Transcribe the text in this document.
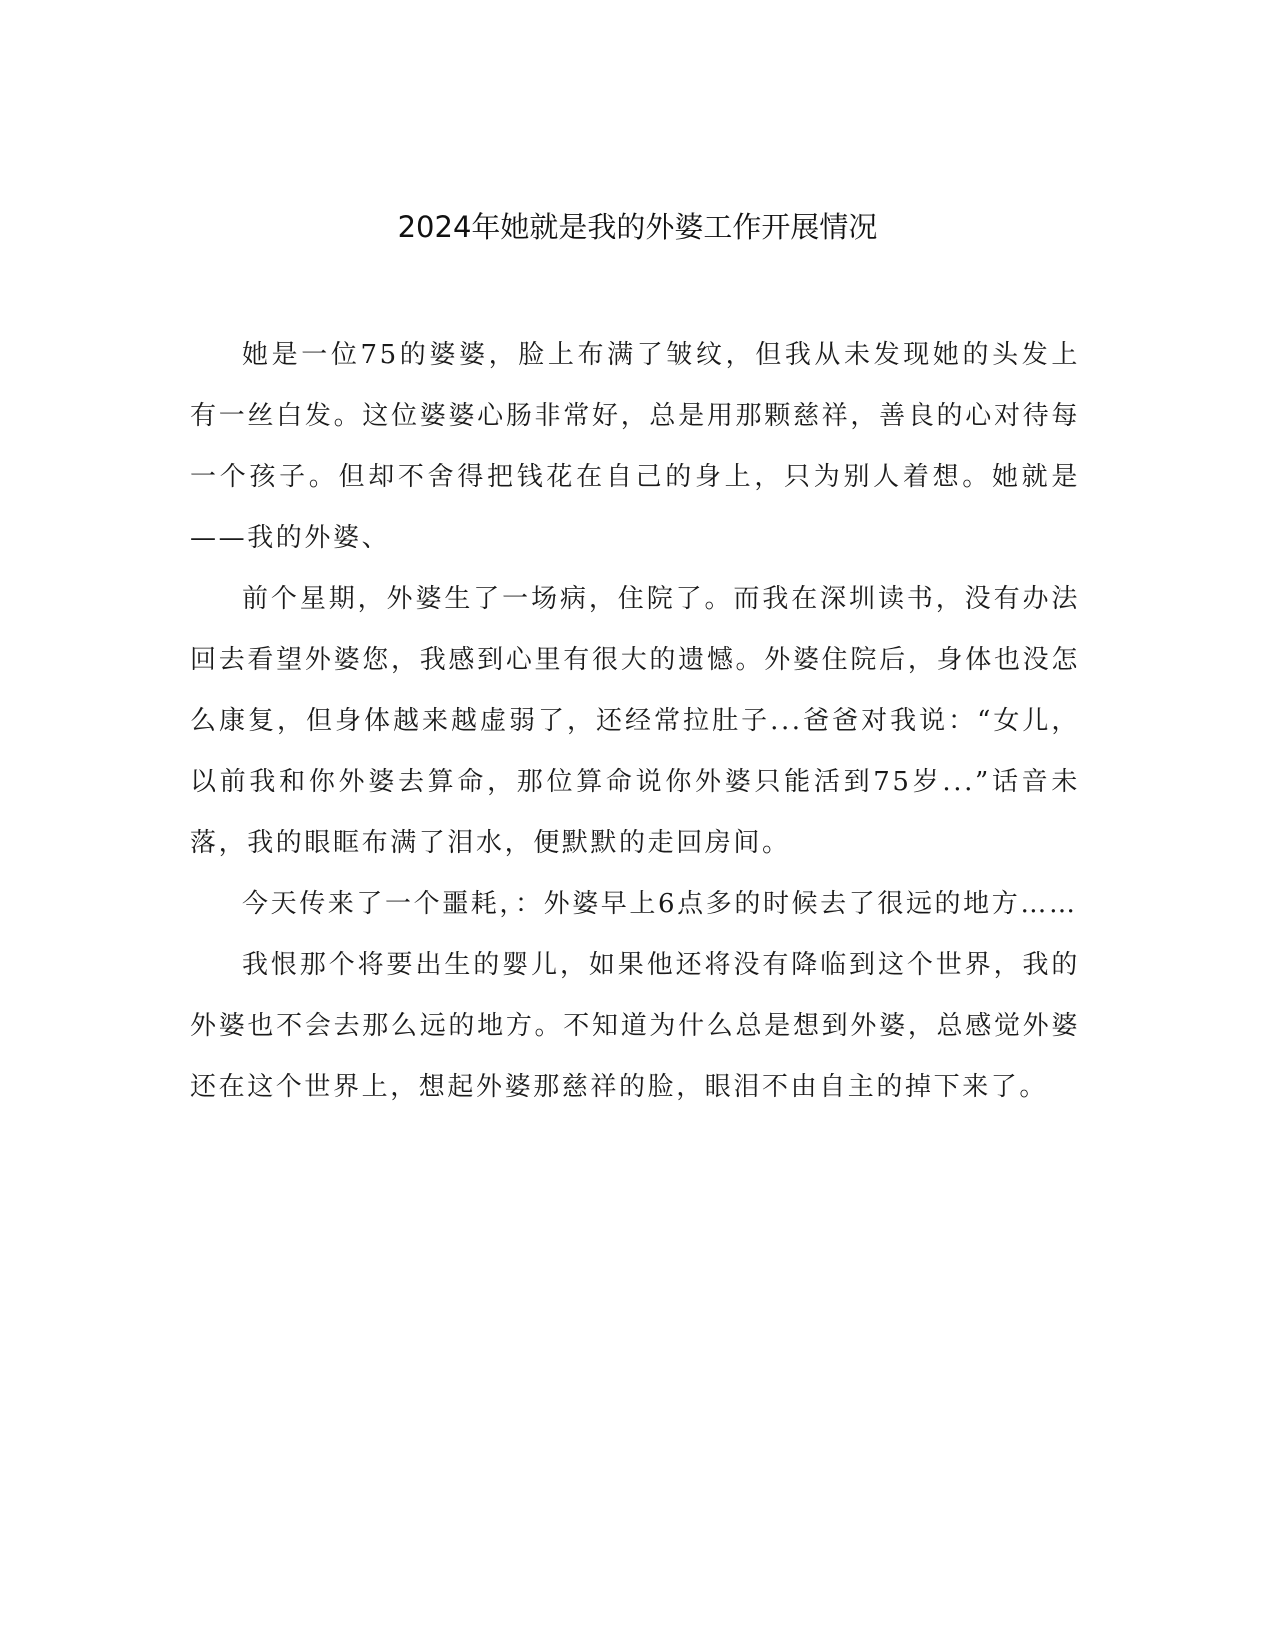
2024年她就是我的外婆工作开展情况

她是一位75的婆婆，脸上布满了皱纹，但我从未发现她的头发上有一丝白发。这位婆婆心肠非常好，总是用那颗慈祥，善良的心对待每一个孩子。但却不舍得把钱花在自己的身上，只为别人着想。她就是——我的外婆、

前个星期，外婆生了一场病，住院了。而我在深圳读书，没有办法回去看望外婆您，我感到心里有很大的遗憾。外婆住院后，身体也没怎么康复，但身体越来越虚弱了，还经常拉肚子...爸爸对我说：“女儿，以前我和你外婆去算命，那位算命说你外婆只能活到75岁...”话音未落，我的眼眶布满了泪水，便默默的走回房间。

今天传来了一个噩耗，：外婆早上6点多的时候去了很远的地方……

我恨那个将要出生的婴儿，如果他还将没有降临到这个世界，我的外婆也不会去那么远的地方。不知道为什么总是想到外婆，总感觉外婆还在这个世界上，想起外婆那慈祥的脸，眼泪不由自主的掉下来了。
